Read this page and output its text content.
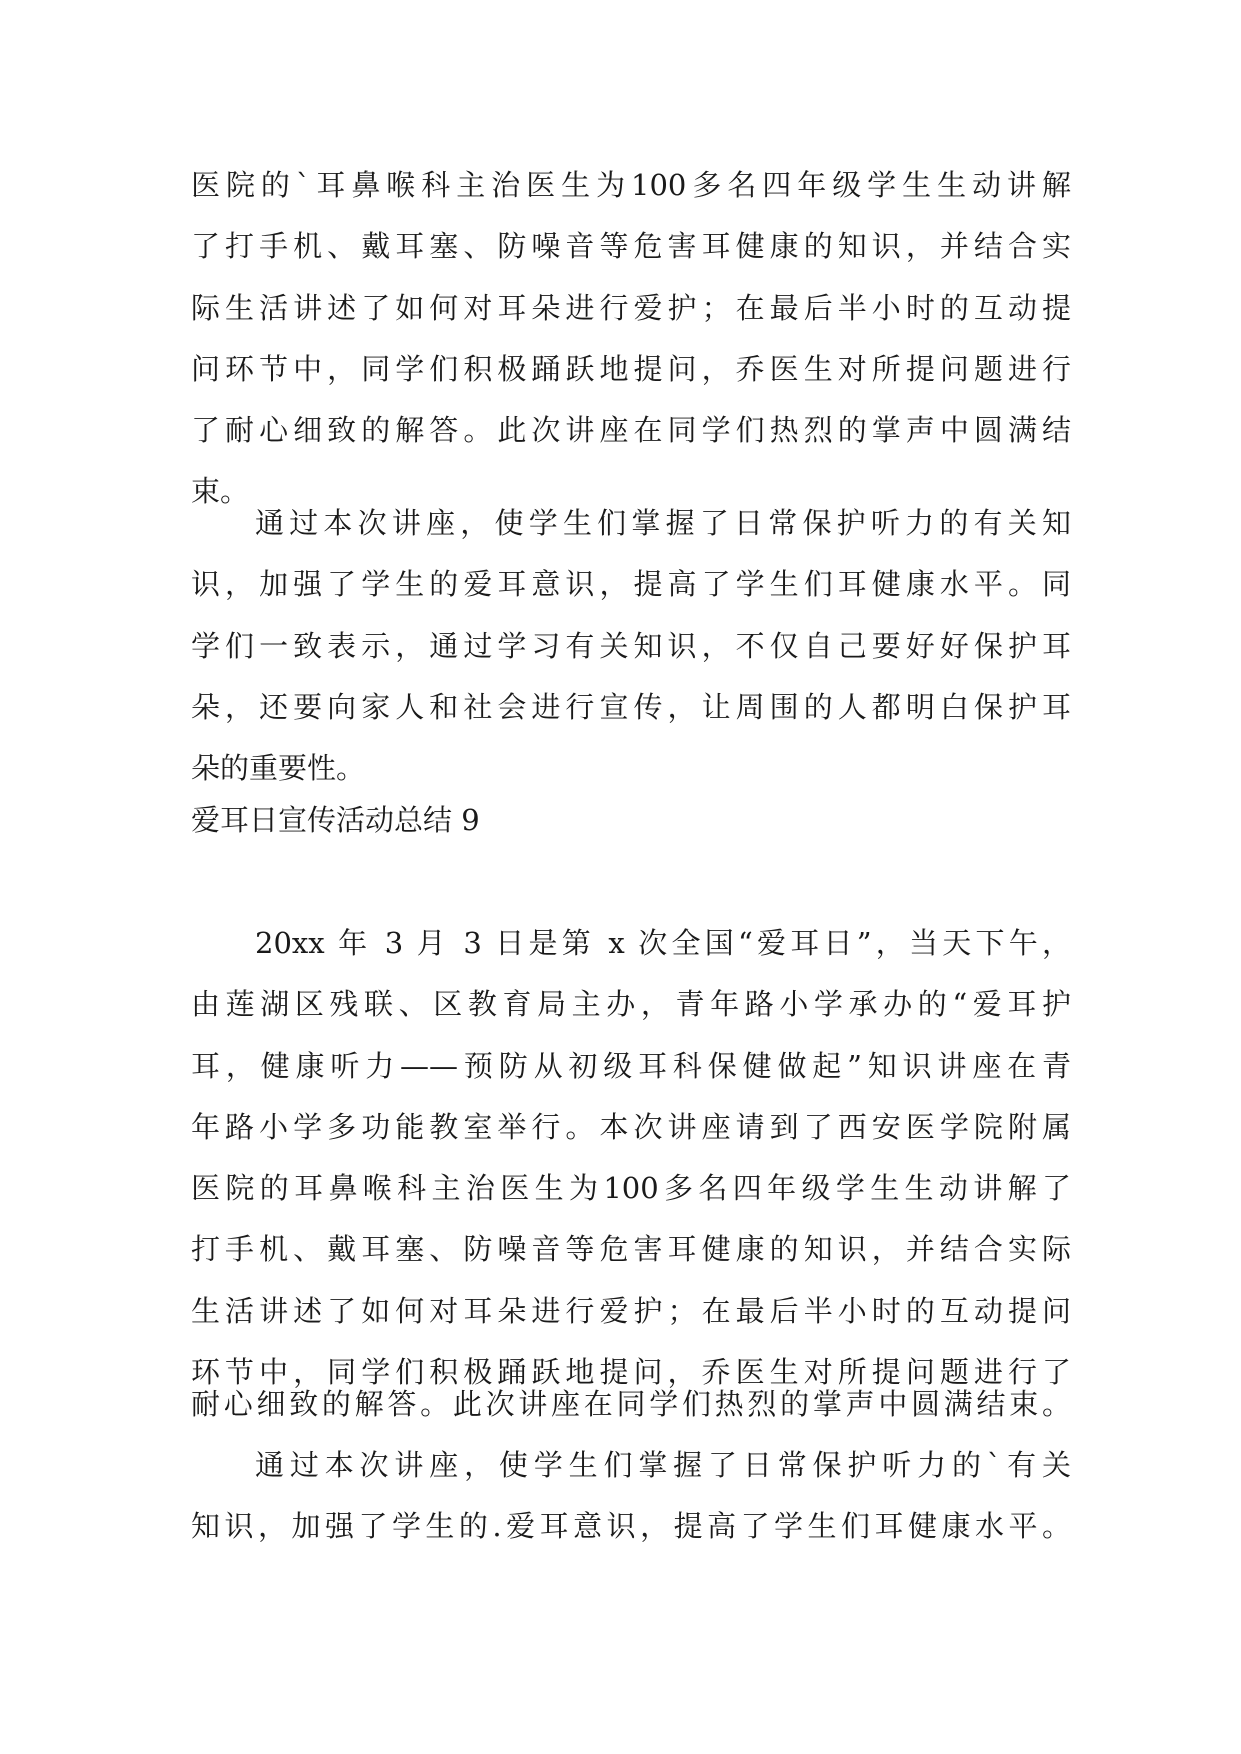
医院的`耳鼻喉科主治医生为100多名四年级学生生动讲解
了打手机、戴耳塞、防噪音等危害耳健康的知识，并结合实
际生活讲述了如何对耳朵进行爱护；在最后半小时的互动提
问环节中，同学们积极踊跃地提问，乔医生对所提问题进行
了耐心细致的解答。此次讲座在同学们热烈的掌声中圆满结
束。
通过本次讲座，使学生们掌握了日常保护听力的有关知
识，加强了学生的爱耳意识，提高了学生们耳健康水平。同
学们一致表示，通过学习有关知识，不仅自己要好好保护耳
朵，还要向家人和社会进行宣传，让周围的人都明白保护耳
朵的重要性。
爱耳日宣传活动总结 9
20xx 年 3 月 3 日是第 x 次全国“爱耳日”，当天下午，
由莲湖区残联、区教育局主办，青年路小学承办的“爱耳护
耳，健康听力——预防从初级耳科保健做起”知识讲座在青
年路小学多功能教室举行。本次讲座请到了西安医学院附属
医院的耳鼻喉科主治医生为100多名四年级学生生动讲解了
打手机、戴耳塞、防噪音等危害耳健康的知识，并结合实际
生活讲述了如何对耳朵进行爱护；在最后半小时的互动提问
环节中，同学们积极踊跃地提问，乔医生对所提问题进行了
耐心细致的解答。此次讲座在同学们热烈的掌声中圆满结束。
通过本次讲座，使学生们掌握了日常保护听力的`有关
知识，加强了学生的.爱耳意识，提高了学生们耳健康水平。
